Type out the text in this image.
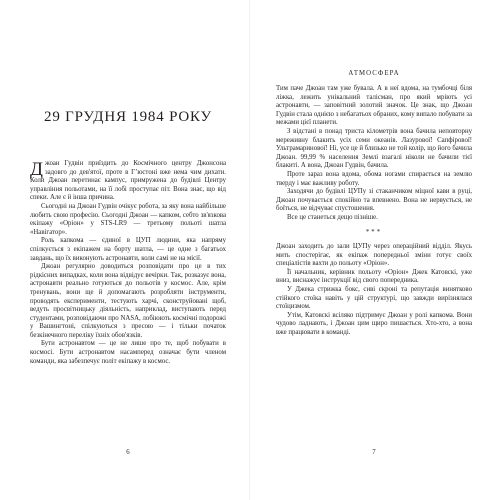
29 ГРУДНЯ 1984 РОКУ

Джоан Гудвін приїздить до Космічного центру Джонсона задовго до дев'ятої, проте в Гʼюстоні вже нема чим дихати. Коли Джоан перетинає кампус, примружена до будівлі Центру управління польотами, на її лобі проступає піт. Вона знає, що від спеки. Але є й інша причина.

Сьогодні на Джоан Гудвін очікує робота, за яку вона найбільше любить свою професію. Сьогодні Джоан — капком, себто зв'язкова екіпажу «Оріон» у STS-LR9 — третьому польоті шатла «Навігатор».

Роль капкома — єдиної в ЦУП людини, яка напряму спілкується з екіпажем на борту шатла, — це одне з багатьох завдань, що їх виконують астронавти, коли самі не на місії.

Джоан регулярно доводиться розповідати про це в тих рідкісних випадках, коли вона відвідує вечірки. Так, розказує вона, астронавти реально готуються до польотів у космос. Але, крім тренувань, вони ще й допомагають розробляти інструменти, проводять експерименти, тестують харчі, сконструйовані щоб, ведуть просвітницьку діяльність, наприклад, виступають перед студентами, розповідаючи про NASA, лобіюють космічні подорожі у Вашингтоні, спілкуються з пресою — і тільки початок безкінечного переліку їхніх обов'язків.

Бути астронавтом — це не лише про те, щоб побувати в космосі. Бути астронавтом насамперед означає бути членом команди, яка забезпечує політ екіпажу в космос.

6

АТМОСФЕРА

Тим паче Джоан там уже бувала. А в неї вдома, на тумбочці біля ліжка, лежить унікальний талісман, про який мріють усі астронавти, — заповітний золотий значок. Це знак, що Джоан Гудвін стала однією з небагатьох обраних, кому випало побувати за межами цієї планети.

З відстані в понад триста кілометрів вона бачила неповторну мереживну блакить усіх семи океанів. Лазурової! Сапфірової! Ультрамаринової! Ні, усе це й близько не той колір, що його бачила Джоан. 99,99 % населення Землі взагалі ніколи не бачили тієї блакиті. А вона, Джоан Гудвін, бачила.

Проте зараз вона вдома, обома ногами спирається на землю тверду і має важливу роботу.

Заходячи до будівлі ЦУПу зі стаканчиком міцної кави в руці, Джоан почувається спокійно та впевнено. Вона не нервується, не боїться, не відчуває спустошення.

Все це станеться дещо пізніше.

***

Джоан заходить до зали ЦУПу через операційний відділ. Якусь мить спостерігає, як екіпаж попередньої зміни готує своїх спеціалістів вахти до польоту «Оріон».

Її начальник, керівник польоту «Оріон» Джек Катовскі, уже вниз, виснажує інструкції від свого попередника.

У Джека стрижка бокс, сиві скроні та репутація винятково стійкого стоїка навіть у цій структурі, що завжди вирізнялася стоїцизмом.

Утім, Катовскі всіляко підтримує Джоан у ролі капкома. Вони чудово ладнають, і Джоан цим щиро пишається. Хто-хто, а вона вже працювати в команді.

7
